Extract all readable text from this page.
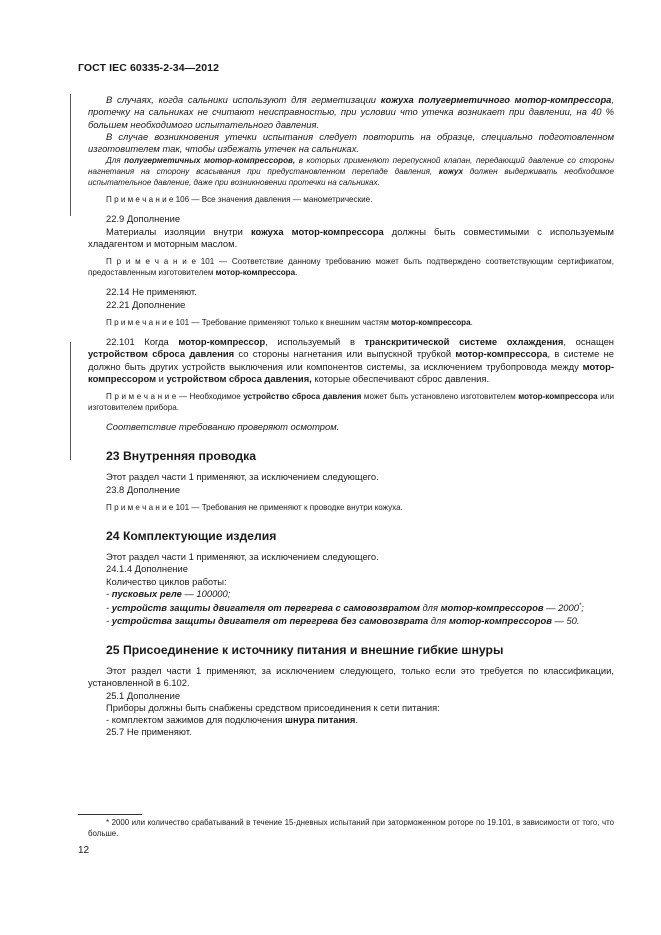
ГОСТ IEC 60335-2-34—2012

В случаях, когда сальники используют для герметизации кожуха полугерметичного мотор-компрессора, протечку на сальниках не считают неисправностью, при условии что утечка возникает при давлении, на 40 % большем необходимого испытательного давления.

В случае возникновения утечки испытания следует повторить на образце, специально подготовленном изготовителем так, чтобы избежать утечек на сальниках.

Для полугерметичных мотор-компрессоров, в которых применяют перепускной клапан, передающий давление со стороны нагнетания на сторону всасывания при предустановленном перепаде давления, кожух должен выдерживать необходимое испытательное давление, даже при возникновении протечки на сальниках.

П р и м е ч а н и е 106 — Все значения давления — манометрические.

22.9 Дополнение

Материалы изоляции внутри кожуха мотор-компрессора должны быть совместимыми с используемым хладагентом и моторным маслом.

П р и м е ч а н и е 101 — Соответствие данному требованию может быть подтверждено соответствующим сертификатом, предоставленным изготовителем мотор-компрессора.

22.14 Не применяют.

22.21 Дополнение

П р и м е ч а н и е 101 — Требование применяют только к внешним частям мотор-компрессора.

22.101 Когда мотор-компрессор, используемый в транскритической системе охлаждения, оснащен устройством сброса давления со стороны нагнетания или выпускной трубкой мотор-компрессора, в системе не должно быть других устройств выключения или компонентов системы, за исключением трубопровода между мотор-компрессором и устройством сброса давления, которые обеспечивают сброс давления.

П р и м е ч а н и е — Необходимое устройство сброса давления может быть установлено изготовителем мотор-компрессора или изготовителем прибора.

Соответствие требованию проверяют осмотром.

23 Внутренняя проводка

Этот раздел части 1 применяют, за исключением следующего.

23.8 Дополнение

П р и м е ч а н и е 101 — Требования не применяют к проводке внутри кожуха.

24 Комплектующие изделия

Этот раздел части 1 применяют, за исключением следующего.

24.1.4 Дополнение

Количество циклов работы:

- пусковых реле — 100000;

- устройств защиты двигателя от перегрева с самовозвратом для мотор-компрессоров — 2000*;

- устройства защиты двигателя от перегрева без самовозврата для мотор-компрессоров — 50.

25 Присоединение к источнику питания и внешние гибкие шнуры

Этот раздел части 1 применяют, за исключением следующего, только если это требуется по классификации, установленной в 6.102.

25.1 Дополнение

Приборы должны быть снабжены средством присоединения к сети питания:

- комплектом зажимов для подключения шнура питания.

25.7 Не применяют.

* 2000 или количество срабатываний в течение 15-дневных испытаний при заторможенном роторе по 19.101, в зависимости от того, что больше.

12
